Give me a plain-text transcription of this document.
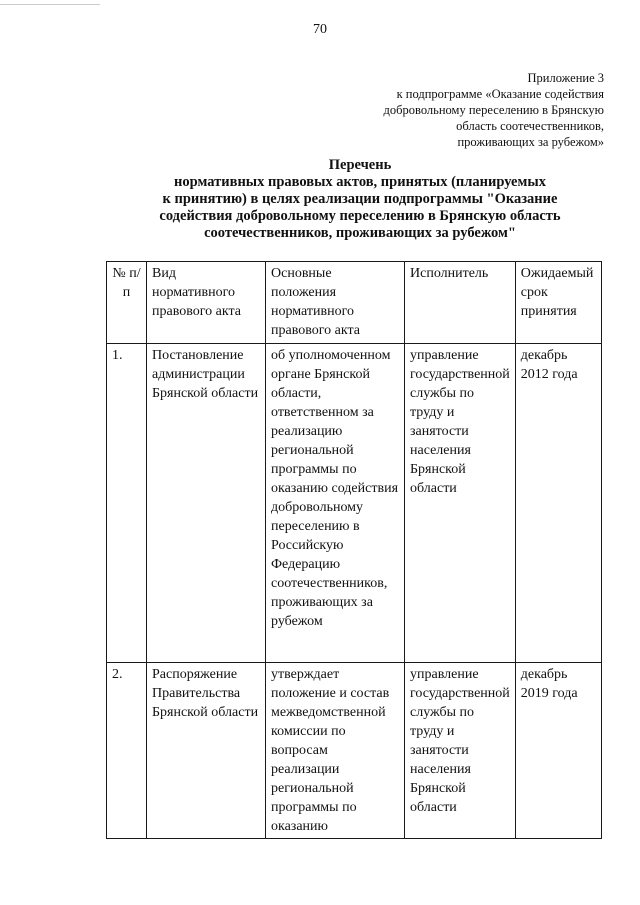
70
Приложение 3
к подпрограмме «Оказание содействия
добровольному переселению в Брянскую
область соотечественников,
проживающих за рубежом»
Перечень
нормативных правовых актов, принятых (планируемых
к принятию) в целях реализации подпрограммы "Оказание
содействия добровольному переселению в Брянскую область
соотечественников, проживающих за рубежом"
№ п/п	Вид нормативного правового акта	Основные положения нормативного правового акта	Исполнитель	Ожидаемый срок принятия
1.	Постановление администрации Брянской области	об уполномоченном органе Брянской области, ответственном за реализацию региональной программы по оказанию содействия добровольному переселению в Российскую Федерацию соотечественников, проживающих за рубежом	управление государственной службы по труду и занятости населения Брянской области	декабрь 2012 года
2.	Распоряжение Правительства Брянской области	утверждает положение и состав межведомственной комиссии по вопросам реализации региональной программы по оказанию	управление государственной службы по труду и занятости населения Брянской области	декабрь 2019 года
